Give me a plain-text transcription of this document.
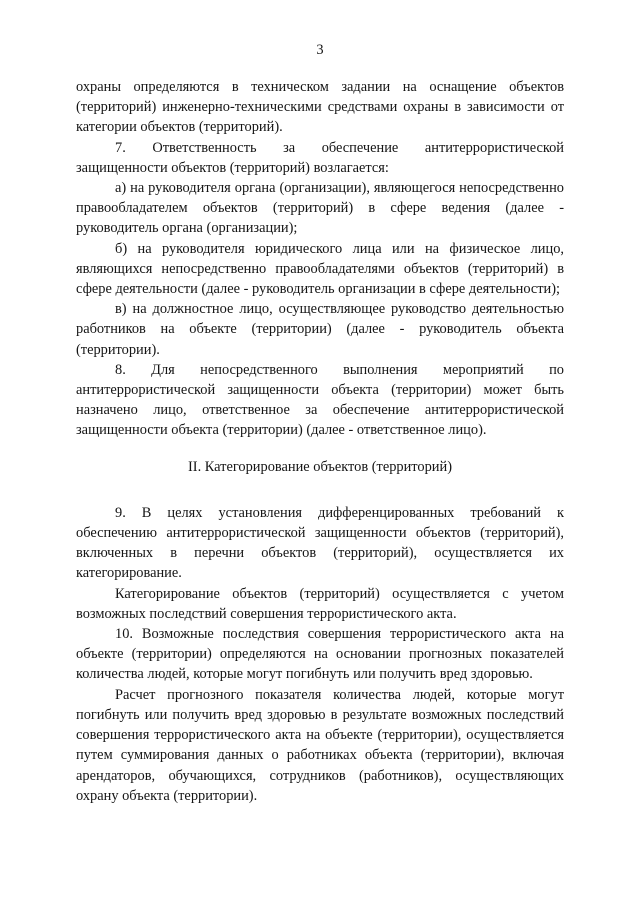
3

охраны определяются в техническом задании на оснащение объектов (территорий) инженерно-техническими средствами охраны в зависимости от категории объектов (территорий).

7. Ответственность за обеспечение антитеррористической защищенности объектов (территорий) возлагается:

а) на руководителя органа (организации), являющегося непосредственно правообладателем объектов (территорий) в сфере ведения (далее - руководитель органа (организации);

б) на руководителя юридического лица или на физическое лицо, являющихся непосредственно правообладателями объектов (территорий) в сфере деятельности (далее - руководитель организации в сфере деятельности);

в) на должностное лицо, осуществляющее руководство деятельностью работников на объекте (территории) (далее - руководитель объекта (территории).

8. Для непосредственного выполнения мероприятий по антитеррористической защищенности объекта (территории) может быть назначено лицо, ответственное за обеспечение антитеррористической защищенности объекта (территории) (далее - ответственное лицо).

II. Категорирование объектов (территорий)

9. В целях установления дифференцированных требований к обеспечению антитеррористической защищенности объектов (территорий), включенных в перечни объектов (территорий), осуществляется их категорирование.

Категорирование объектов (территорий) осуществляется с учетом возможных последствий совершения террористического акта.

10. Возможные последствия совершения террористического акта на объекте (территории) определяются на основании прогнозных показателей количества людей, которые могут погибнуть или получить вред здоровью.

Расчет прогнозного показателя количества людей, которые могут погибнуть или получить вред здоровью в результате возможных последствий совершения террористического акта на объекте (территории), осуществляется путем суммирования данных о работниках объекта (территории), включая арендаторов, обучающихся, сотрудников (работников), осуществляющих охрану объекта (территории).
